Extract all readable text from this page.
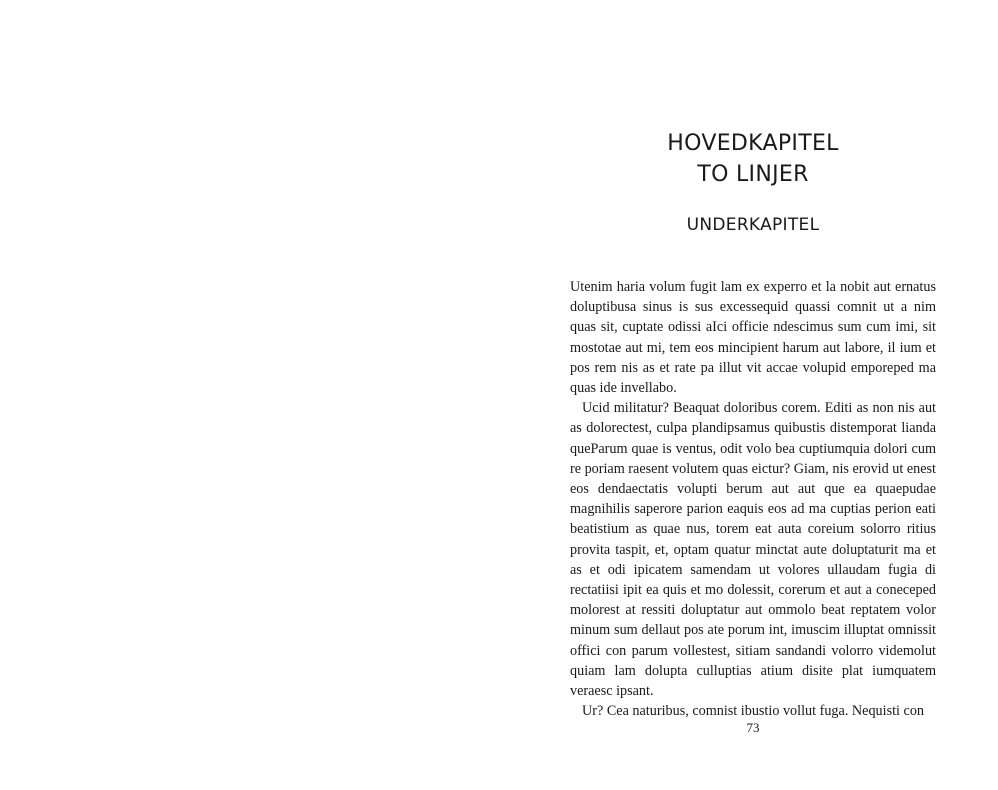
HOVEDKAPITEL
TO LINJER
UNDERKAPITEL

Utenim haria volum fugit lam ex experro et la nobit aut ernatus doluptibusa sinus is sus excessequid quassi comnit ut a nim quas sit, cuptate odissi aIci officie ndescimus sum cum imi, sit mostotae aut mi, tem eos mincipient harum aut labore, il ium et pos rem nis as et rate pa illut vit accae volupid emporeped ma quas ide invellabo.

Ucid militatur? Beaquat doloribus corem. Editi as non nis aut as dolorectest, culpa plandipsamus quibustis distemporat lianda queParum quae is ventus, odit volo bea cuptiumquia dolori cum re poriam raesent volutem quas eictur? Giam, nis erovid ut enest eos dendaectatis volupti berum aut aut que ea quaepudae magnihilis saperore parion eaquis eos ad ma cuptias perion eati beatistium as quae nus, torem eat auta coreium solorro ritius provita taspit, et, optam quatur minctat aute doluptaturit ma et as et odi ipicatem samendam ut volores ullaudam fugia di rectatiisi ipit ea quis et mo dolessit, corerum et aut a coneceped molorest at ressiti doluptatur aut ommolo beat reptatem volor minum sum dellaut pos ate porum int, imuscim illuptat omnissit offici con parum vollestest, sitiam sandandi volorro videmolut quiam lam dolupta culluptias atium disite plat iumquatem veraesc ipsant.

Ur? Cea naturibus, comnist ibustio vollut fuga. Nequisti con

73
